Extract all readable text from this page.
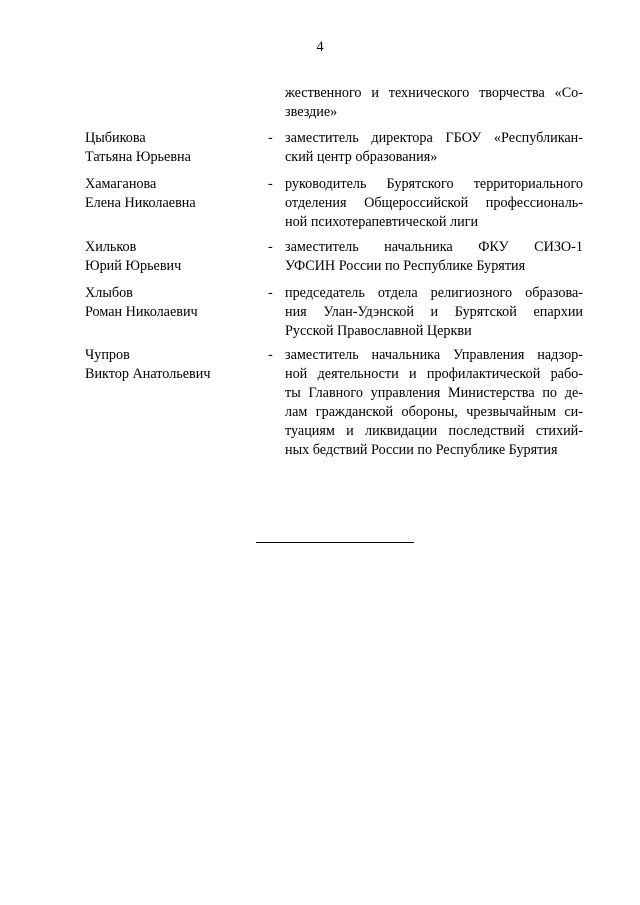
4
жественного и технического творчества «Со-
звездие»
Цыбикова
Татьяна Юрьевна
- заместитель директора ГБОУ «Республикан-
ский центр образования»
Хамаганова
Елена Николаевна
- руководитель Бурятского территориального
отделения Общероссийской профессиональ-
ной психотерапевтической лиги
Хильков
Юрий Юрьевич
- заместитель начальника ФКУ СИЗО-1
УФСИН России по Республике Бурятия
Хлыбов
Роман Николаевич
- председатель отдела религиозного образова-
ния Улан-Удэнской и Бурятской епархии
Русской Православной Церкви
Чупров
Виктор Анатольевич
- заместитель начальника Управления надзор-
ной деятельности и профилактической рабо-
ты Главного управления Министерства по де-
лам гражданской обороны, чрезвычайным си-
туациям и ликвидации последствий стихий-
ных бедствий России по Республике Бурятия
